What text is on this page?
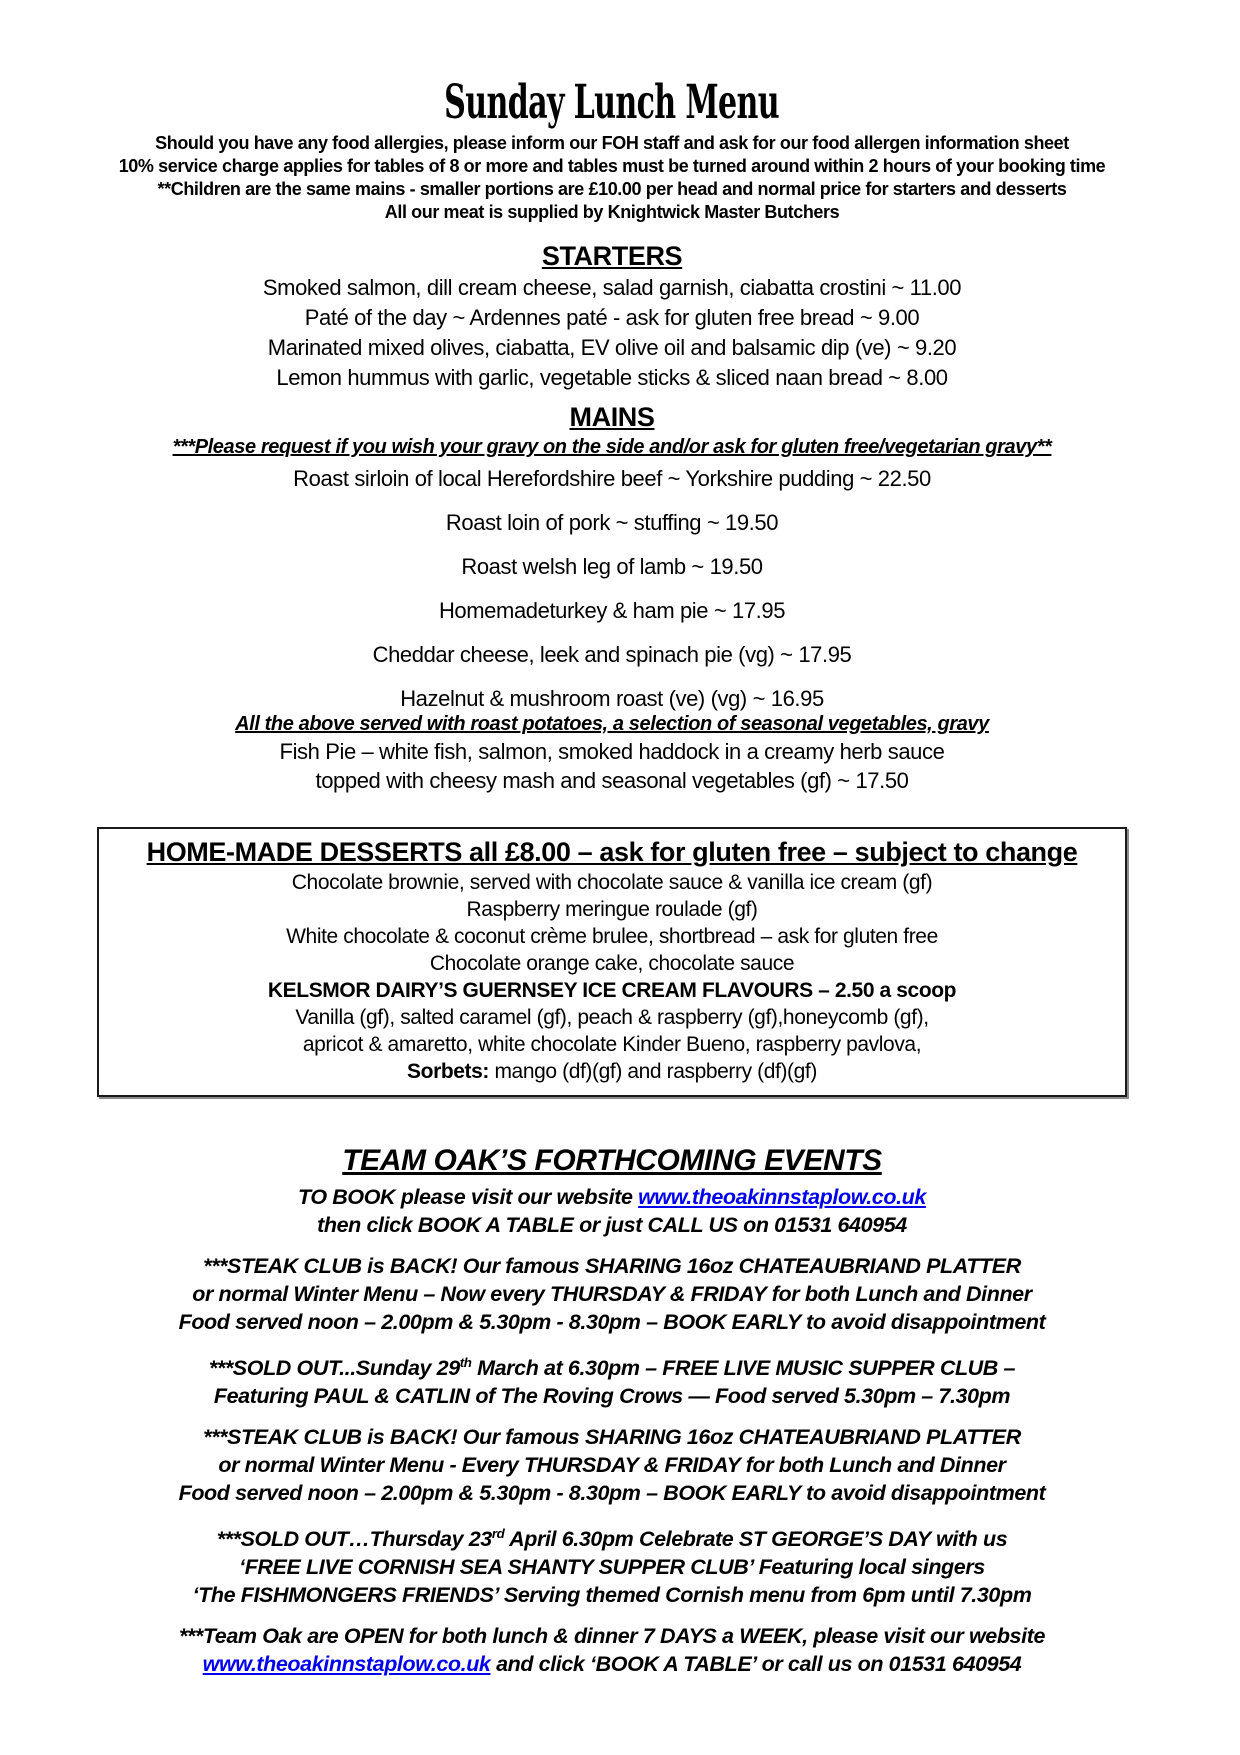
Sunday Lunch Menu
Should you have any food allergies, please inform our FOH staff and ask for our food allergen information sheet
10% service charge applies for tables of 8 or more and tables must be turned around within 2 hours of your booking time
**Children are the same mains - smaller portions are £10.00 per head and normal price for starters and desserts
All our meat is supplied by Knightwick Master Butchers
STARTERS
Smoked salmon, dill cream cheese, salad garnish, ciabatta crostini ~ 11.00
Paté of the day ~ Ardennes paté - ask for gluten free bread ~ 9.00
Marinated mixed olives, ciabatta, EV olive oil and balsamic dip (ve) ~ 9.20
Lemon hummus with garlic, vegetable sticks & sliced naan bread ~ 8.00
MAINS
***Please request if you wish your gravy on the side and/or ask for gluten free/vegetarian gravy**
Roast sirloin of local Herefordshire beef ~ Yorkshire pudding ~ 22.50
Roast loin of pork ~ stuffing ~ 19.50
Roast welsh leg of lamb ~ 19.50
Homemadeturkey & ham pie ~ 17.95
Cheddar cheese, leek and spinach pie (vg) ~ 17.95
Hazelnut & mushroom roast (ve) (vg) ~ 16.95
All the above served with roast potatoes, a selection of seasonal vegetables, gravy
Fish Pie – white fish, salmon, smoked haddock in a creamy herb sauce
topped with cheesy mash and seasonal vegetables (gf) ~ 17.50
HOME-MADE DESSERTS all £8.00 – ask for gluten free – subject to change
Chocolate brownie, served with chocolate sauce & vanilla ice cream (gf)
Raspberry meringue roulade (gf)
White chocolate & coconut crème brulee, shortbread – ask for gluten free
Chocolate orange cake, chocolate sauce
KELSMOR DAIRY’S GUERNSEY ICE CREAM FLAVOURS – 2.50 a scoop
Vanilla (gf), salted caramel (gf), peach & raspberry (gf),honeycomb (gf),
apricot & amaretto, white chocolate Kinder Bueno, raspberry pavlova,
Sorbets: mango (df)(gf) and raspberry (df)(gf)
TEAM OAK’S FORTHCOMING EVENTS
TO BOOK please visit our website www.theoakinnstaplow.co.uk
then click BOOK A TABLE or just CALL US on 01531 640954
***STEAK CLUB is BACK! Our famous SHARING 16oz CHATEAUBRIAND PLATTER
or normal Winter Menu – Now every THURSDAY & FRIDAY for both Lunch and Dinner
Food served noon – 2.00pm & 5.30pm - 8.30pm – BOOK EARLY to avoid disappointment
***SOLD OUT...Sunday 29th March at 6.30pm – FREE LIVE MUSIC SUPPER CLUB –
Featuring PAUL & CATLIN of The Roving Crows — Food served 5.30pm – 7.30pm
***STEAK CLUB is BACK! Our famous SHARING 16oz CHATEAUBRIAND PLATTER
or normal Winter Menu - Every THURSDAY & FRIDAY for both Lunch and Dinner
Food served noon – 2.00pm & 5.30pm - 8.30pm – BOOK EARLY to avoid disappointment
***SOLD OUT…Thursday 23rd April 6.30pm Celebrate ST GEORGE’S DAY with us
‘FREE LIVE CORNISH SEA SHANTY SUPPER CLUB’ Featuring local singers
‘The FISHMONGERS FRIENDS’ Serving themed Cornish menu from 6pm until 7.30pm
***Team Oak are OPEN for both lunch & dinner 7 DAYS a WEEK, please visit our website
www.theoakinnstaplow.co.uk and click ‘BOOK A TABLE’ or call us on 01531 640954
